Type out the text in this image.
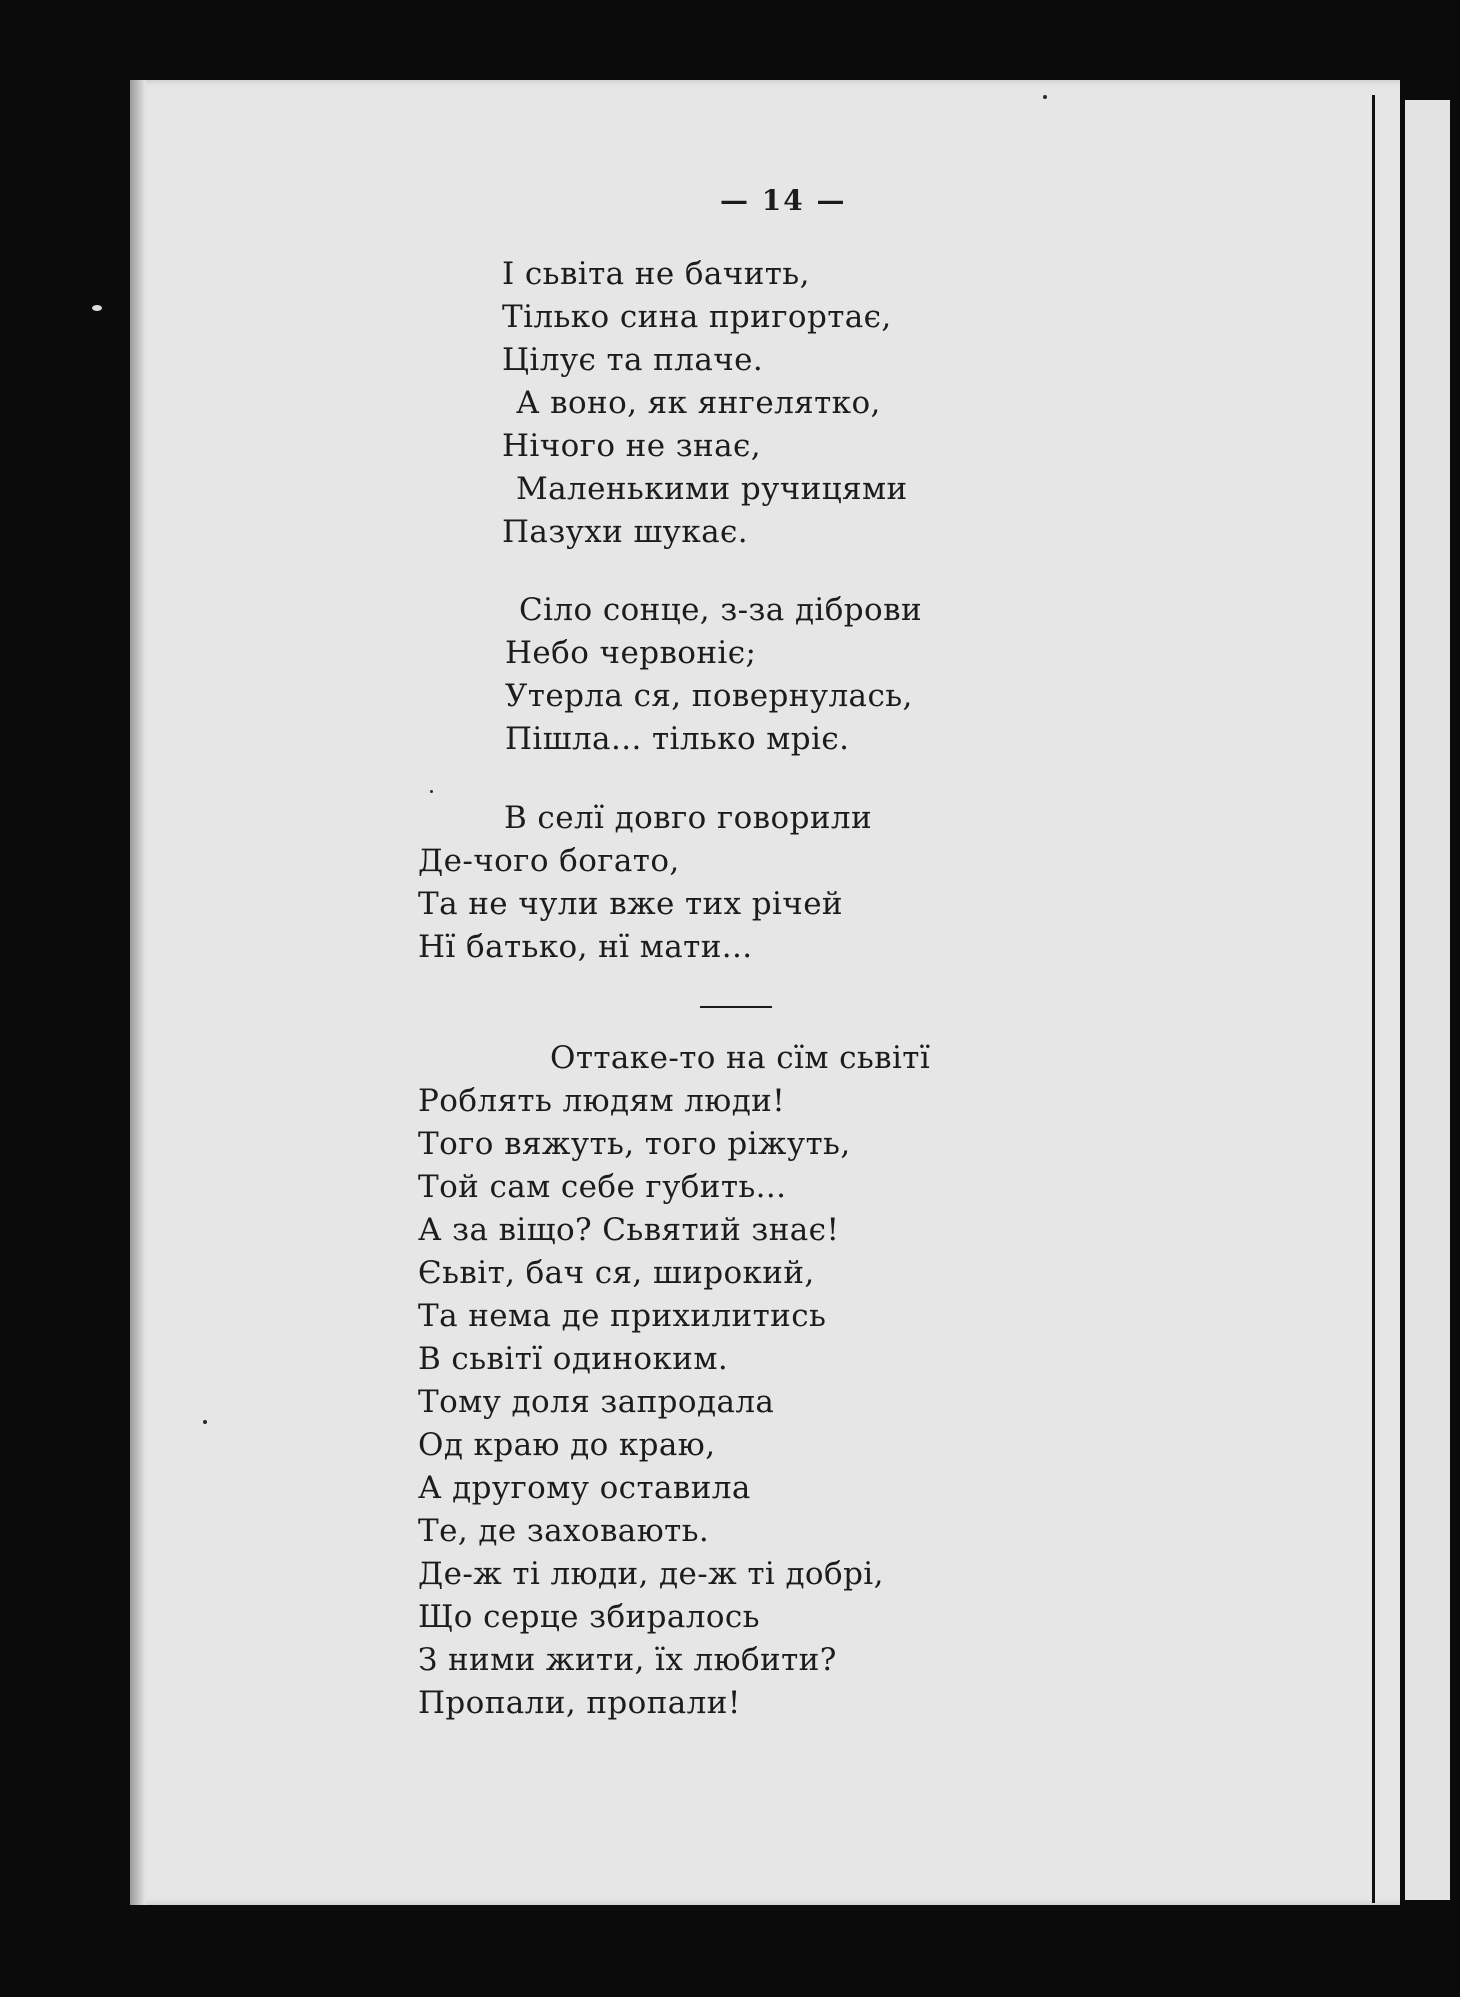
— 14 —
І сьвіта не бачить,
Тілько сина пригортає,
Цілує та плаче.
А воно, як янгелятко,
Нічого не знає,
Маленькими ручицями
Пазухи шукає.
Сіло сонце, з-за діброви
Небо червоніє;
Утерла ся, повернулась,
Пішла... тілько мріє.
В селї довго говорили
Де-чого богато,
Та не чули вже тих річей
Нї батько, нї мати...
Оттаке-то на сїм сьвітї
Роблять людям люди!
Того вяжуть, того ріжуть,
Той сам себе губить...
А за віщо? Сьвятий знає!
Єьвіт, бач ся, широкий,
Та нема де прихилитись
В сьвітї одиноким.
Тому доля запродала
Од краю до краю,
А другому оставила
Те, де заховають.
Де-ж ті люди, де-ж ті добрі,
Що серце збиралось
З ними жити, їх любити?
Пропали, пропали!
